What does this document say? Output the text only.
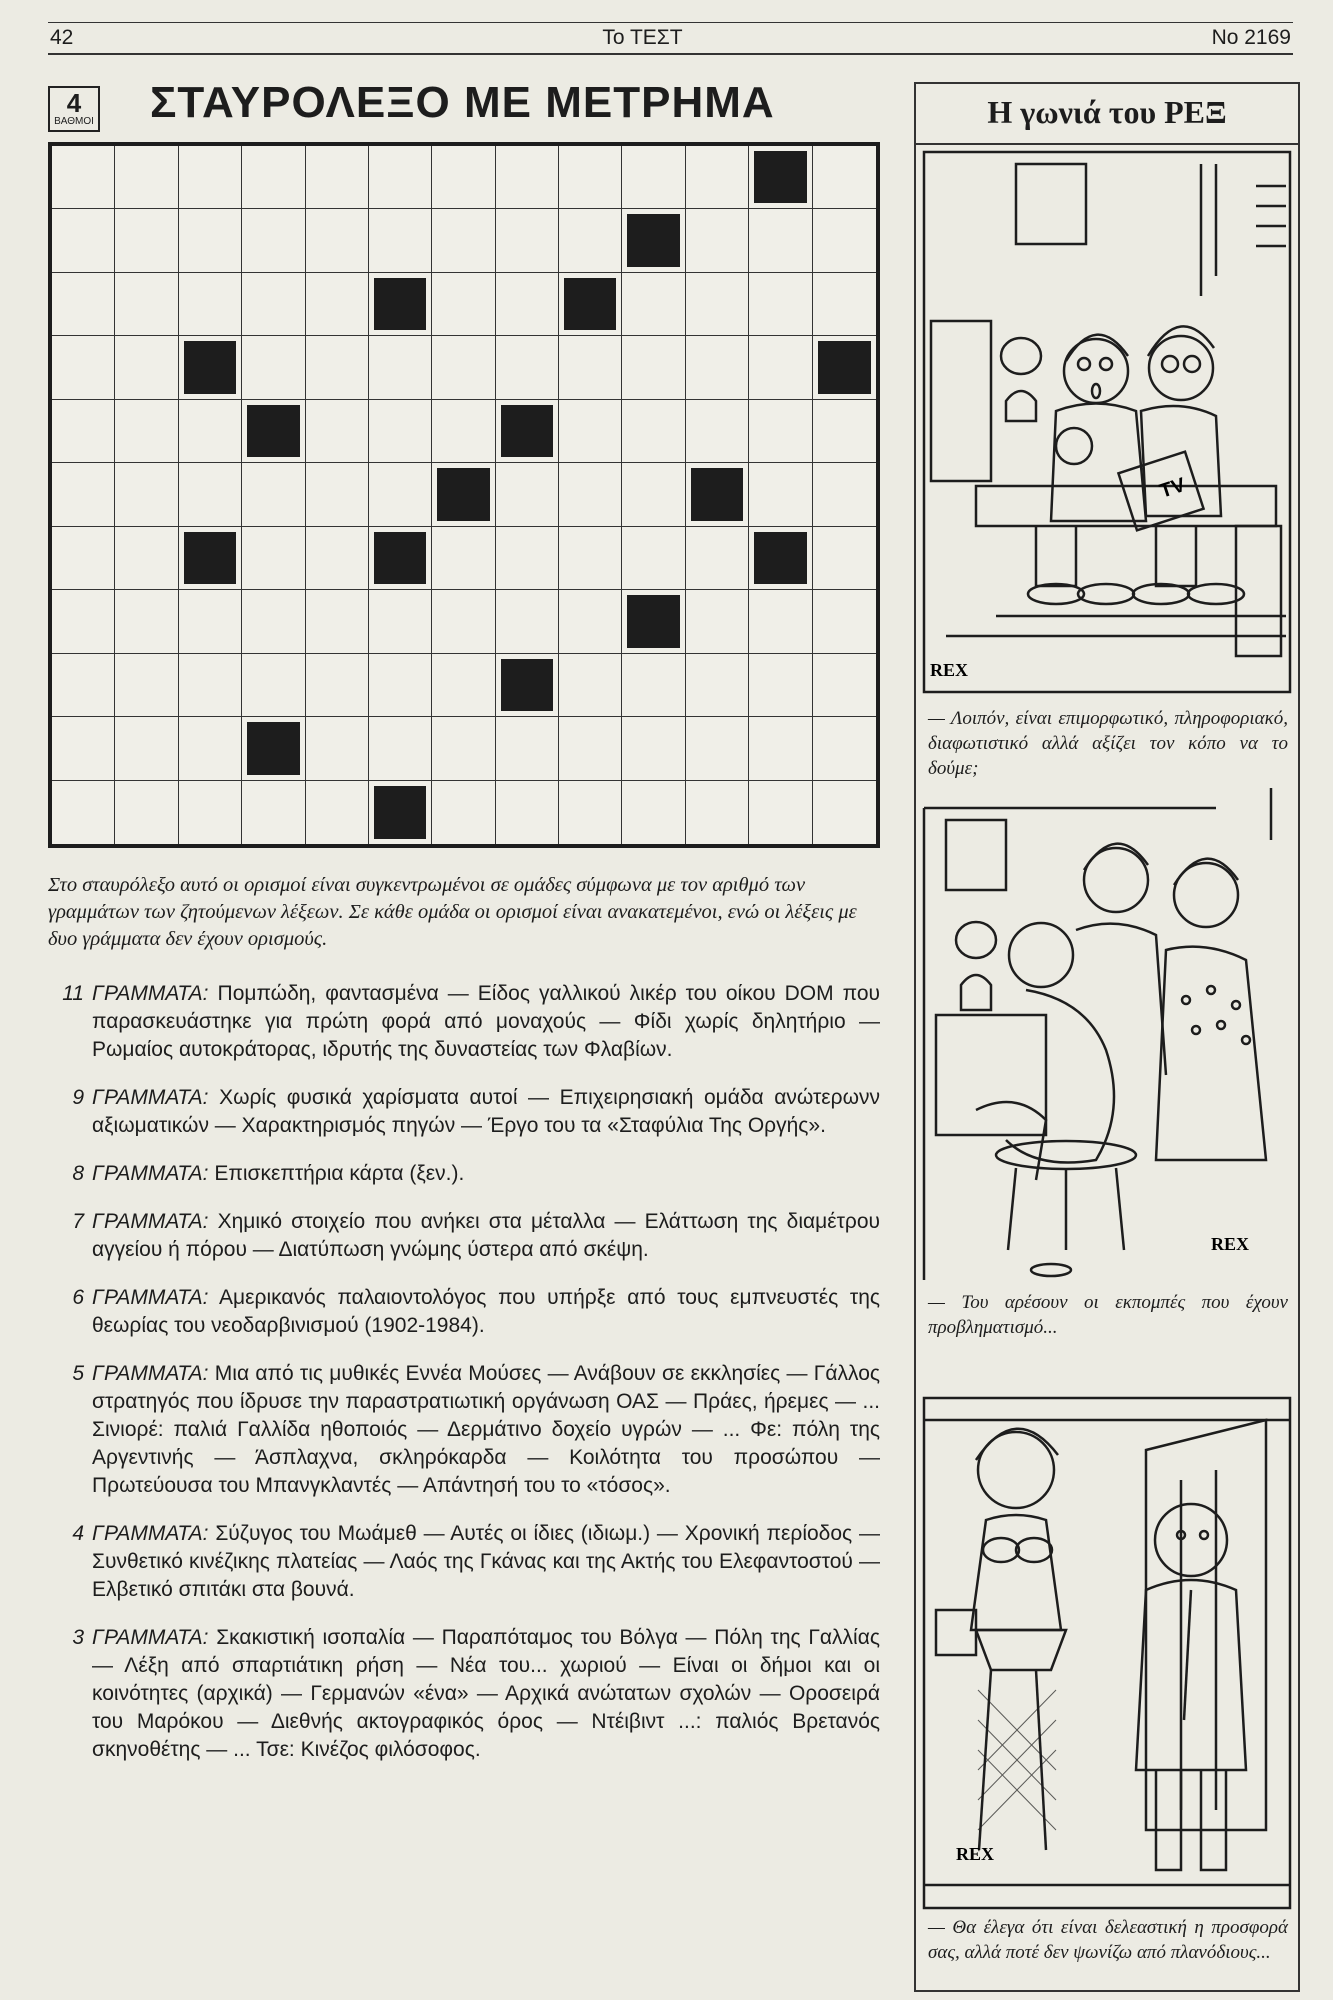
42	Το ΤΕΣΤ	No 2169
4
ΒΑΘΜΟΙ ΣΤΑΥΡΟΛΕΞΟ ΜΕ ΜΕΤΡΗΜΑ
Στο σταυρόλεξο αυτό οι ορισμοί είναι συγκεντρωμένοι σε ομάδες σύμφωνα με τον αριθμό των γραμμάτων των ζητούμενων λέξεων. Σε κάθε ομάδα οι ορισμοί είναι ανακατεμένοι, ενώ οι λέξεις με δυο γράμματα δεν έχουν ορισμούς.
11 ΓΡΑΜΜΑΤΑ: Πομπώδη, φαντασμένα — Είδος γαλλικού λικέρ του οίκου DOM που παρασκευάστηκε για πρώτη φορά από μοναχούς — Φίδι χωρίς δηλητήριο — Ρωμαίος αυτοκράτορας, ιδρυτής της δυναστείας των Φλαβίων.
9 ΓΡΑΜΜΑΤΑ: Χωρίς φυσικά χαρίσματα αυτοί — Επιχειρησιακή ομάδα ανώτερωνν αξιωματικών — Χαρακτηρισμός πηγών — Έργο του τα «Σταφύλια Της Οργής».
8 ΓΡΑΜΜΑΤΑ: Επισκεπτήρια κάρτα (ξεν.).
7 ΓΡΑΜΜΑΤΑ: Χημικό στοιχείο που ανήκει στα μέταλλα — Ελάττωση της διαμέτρου αγγείου ή πόρου — Διατύπωση γνώμης ύστερα από σκέψη.
6 ΓΡΑΜΜΑΤΑ: Αμερικανός παλαιοντολόγος που υπήρξε από τους εμπνευστές της θεωρίας του νεοδαρβινισμού (1902-1984).
5 ΓΡΑΜΜΑΤΑ: Μια από τις μυθικές Εννέα Μούσες — Ανάβουν σε εκκλησίες — Γάλλος στρατηγός που ίδρυσε την παραστρατιωτική οργάνωση ΟΑΣ — Πράες, ήρεμες — ... Σινιορέ: παλιά Γαλλίδα ηθοποιός — Δερμάτινο δοχείο υγρών — ... Φε: πόλη της Αργεντινής — Άσπλαχνα, σκληρόκαρδα — Κοιλότητα του προσώπου — Πρωτεύουσα του Μπανγκλαντές — Απάντησή του το «τόσος».
4 ΓΡΑΜΜΑΤΑ: Σύζυγος του Μωάμεθ — Αυτές οι ίδιες (ιδιωμ.) — Χρονική περίοδος — Συνθετικό κινέζικης πλατείας — Λαός της Γκάνας και της Ακτής του Ελεφαντοστού — Ελβετικό σπιτάκι στα βουνά.
3 ΓΡΑΜΜΑΤΑ: Σκακιστική ισοπαλία — Παραπόταμος του Βόλγα — Πόλη της Γαλλίας — Λέξη από σπαρτιάτικη ρήση — Νέα του... χωριού — Είναι οι δήμοι και οι κοινότητες (αρχικά) — Γερμανών «ένα» — Αρχικά ανώτατων σχολών — Οροσειρά του Μαρόκου — Διεθνής ακτογραφικός όρος — Ντέιβιντ ...: παλιός Βρετανός σκηνοθέτης — ... Τσε: Κινέζος φιλόσοφος.
Η γωνιά του ΡΕΞ
TV
REX
— Λοιπόν, είναι επιμορφωτικό, πληροφοριακό, διαφωτιστικό αλλά αξίζει τον κόπο να το δούμε;
REX
— Του αρέσουν οι εκπομπές που έχουν προβληματισμό...
REX
— Θα έλεγα ότι είναι δελεαστική η προσφορά σας, αλλά ποτέ δεν ψωνίζω από πλανόδιους...
